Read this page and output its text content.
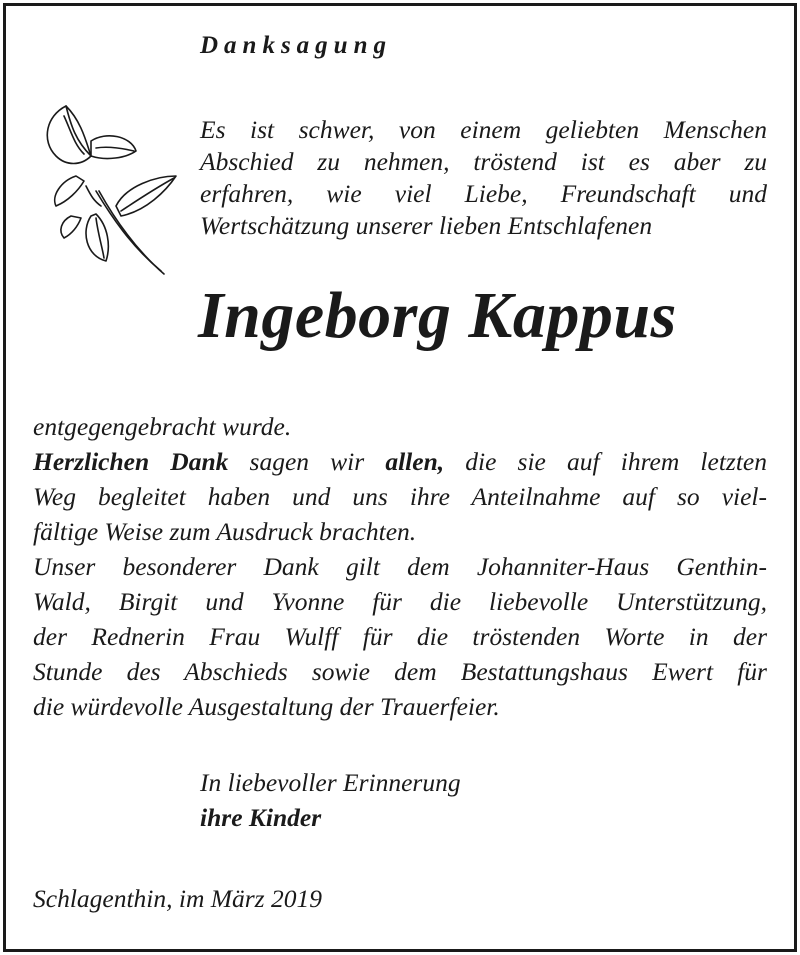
Danksagung
Es ist schwer, von einem geliebten Menschen
Abschied zu nehmen, tröstend ist es aber zu
erfahren, wie viel Liebe, Freundschaft und
Wertschätzung unserer lieben Entschlafenen
Ingeborg Kappus
entgegengebracht wurde.
Herzlichen Dank sagen wir allen, die sie auf ihrem letzten
Weg begleitet haben und uns ihre Anteilnahme auf so viel-
fältige Weise zum Ausdruck brachten.
Unser besonderer Dank gilt dem Johanniter-Haus Genthin-
Wald, Birgit und Yvonne für die liebevolle Unterstützung,
der Rednerin Frau Wulff für die tröstenden Worte in der
Stunde des Abschieds sowie dem Bestattungshaus Ewert für
die würdevolle Ausgestaltung der Trauerfeier.
In liebevoller Erinnerung
ihre Kinder
Schlagenthin, im März 2019
